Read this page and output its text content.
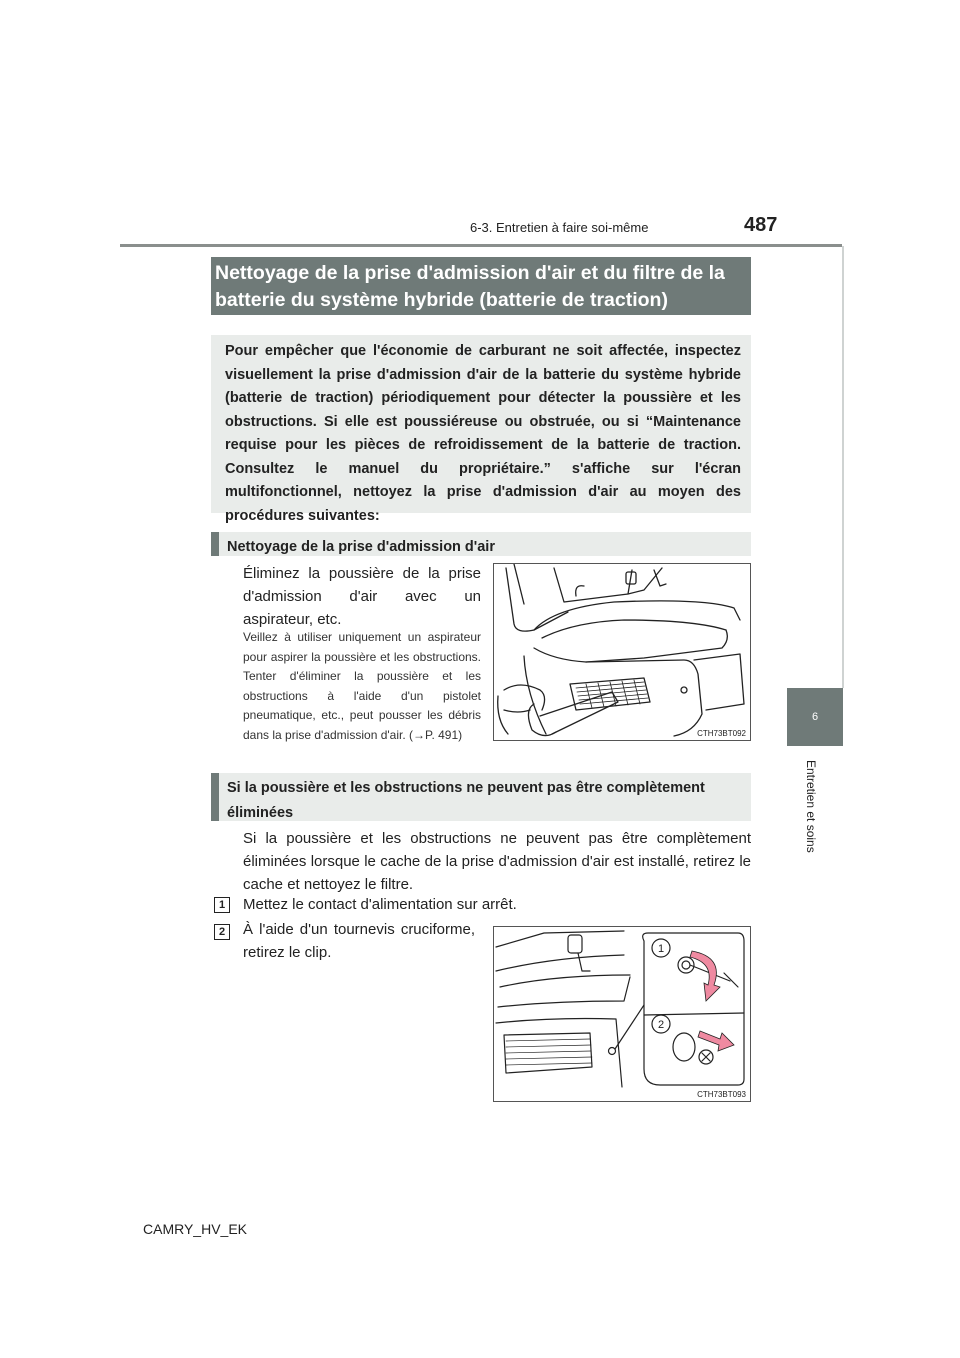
6-3. Entretien à faire soi-même	487
6
Entretien et soins
Nettoyage de la prise d'admission d'air et du filtre de la batterie du système hybride (batterie de traction)
Pour empêcher que l'économie de carburant ne soit affectée, inspectez visuellement la prise d'admission d'air de la batterie du système hybride (batterie de traction) périodiquement pour détecter la poussière et les obstructions. Si elle est poussiéreuse ou obstruée, ou si “Maintenance requise pour les pièces de refroidissement de la batterie de traction. Consultez le manuel du propriétaire.” s'affiche sur l'écran multifonctionnel, nettoyez la prise d'admission d'air au moyen des procédures suivantes:
Nettoyage de la prise d'admission d'air
Éliminez la poussière de la prise d'admission d'air avec un aspirateur, etc.
Veillez à utiliser uniquement un aspirateur pour aspirer la poussière et les obstructions. Tenter d'éliminer la poussière et les obstructions à l'aide d'un pistolet pneumatique, etc., peut pousser les débris dans la prise d'admission d'air. (→P. 491)	CTH73BT092
Si la poussière et les obstructions ne peuvent pas être complètement éliminées
Si la poussière et les obstructions ne peuvent pas être complètement éliminées lorsque le cache de la prise d'admission d'air est installé, retirez le cache et nettoyez le filtre.
1	Mettez le contact d'alimentation sur arrêt.
2	À l'aide d'un tournevis cruciforme, retirez le clip.	1
2
CTH73BT093
CAMRY_HV_EK
